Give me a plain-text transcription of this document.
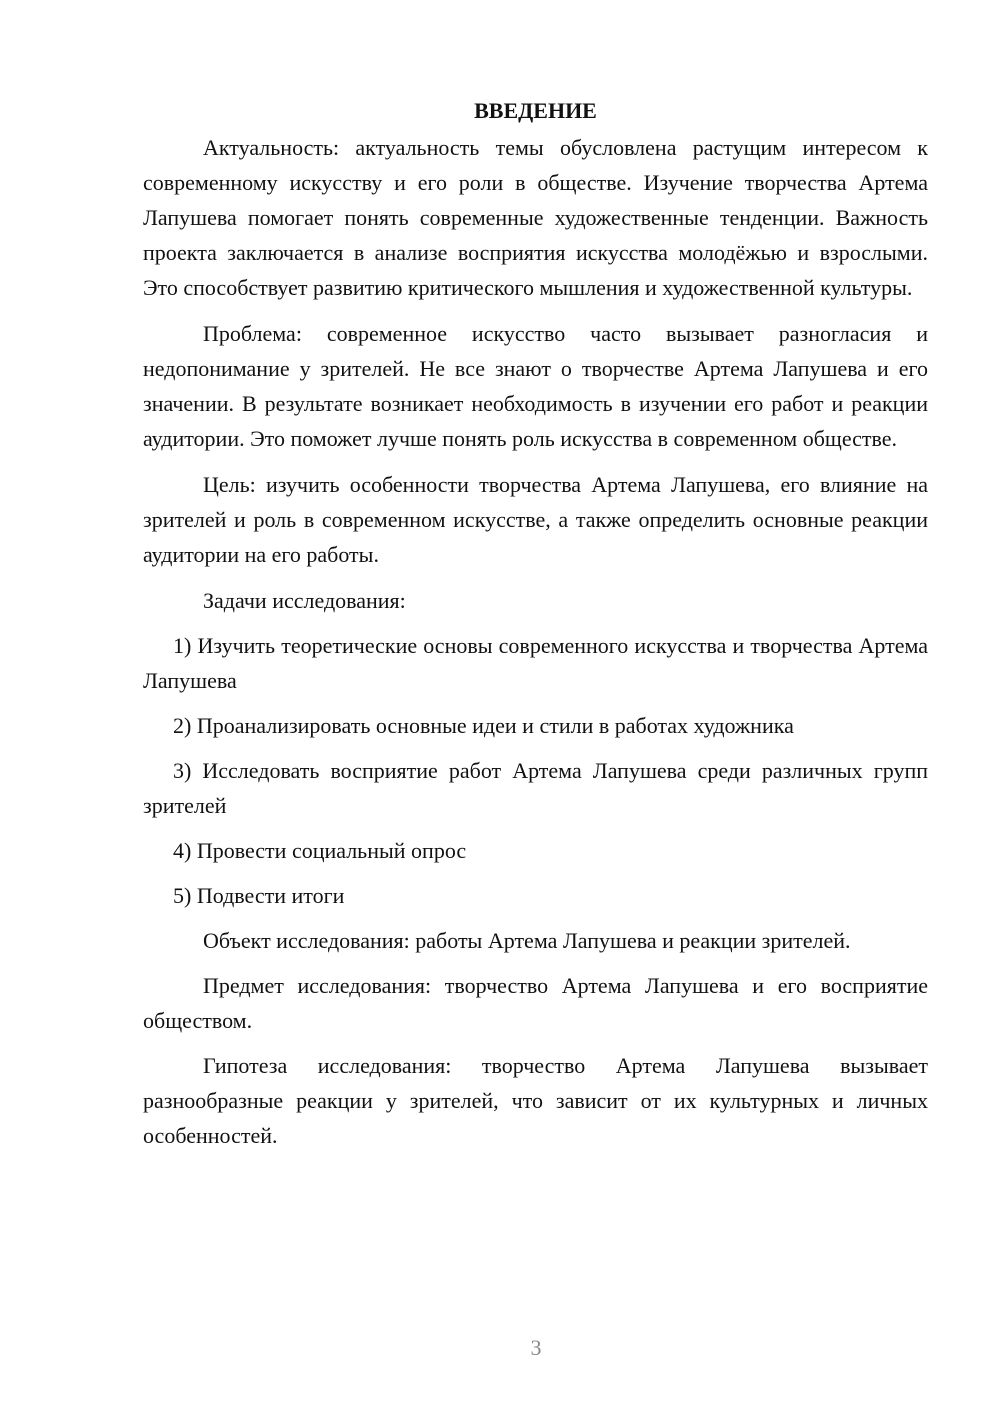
ВВЕДЕНИЕ

Актуальность: актуальность темы обусловлена растущим интересом к современному искусству и его роли в обществе. Изучение творчества Артема Лапушева помогает понять современные художественные тенденции. Важность проекта заключается в анализе восприятия искусства молодёжью и взрослыми. Это способствует развитию критического мышления и художественной культуры.

Проблема: современное искусство часто вызывает разногласия и недопонимание у зрителей. Не все знают о творчестве Артема Лапушева и его значении. В результате возникает необходимость в изучении его работ и реакции аудитории. Это поможет лучше понять роль искусства в современном обществе.

Цель: изучить особенности творчества Артема Лапушева, его влияние на зрителей и роль в современном искусстве, а также определить основные реакции аудитории на его работы.

Задачи исследования:

1) Изучить теоретические основы современного искусства и творчества Артема Лапушева

2) Проанализировать основные идеи и стили в работах художника

3) Исследовать восприятие работ Артема Лапушева среди различных групп зрителей

4) Провести социальный опрос

5) Подвести итоги

Объект исследования: работы Артема Лапушева и реакции зрителей.

Предмет исследования: творчество Артема Лапушева и его восприятие обществом.

Гипотеза исследования: творчество Артема Лапушева вызывает разнообразные реакции у зрителей, что зависит от их культурных и личных особенностей.

3
